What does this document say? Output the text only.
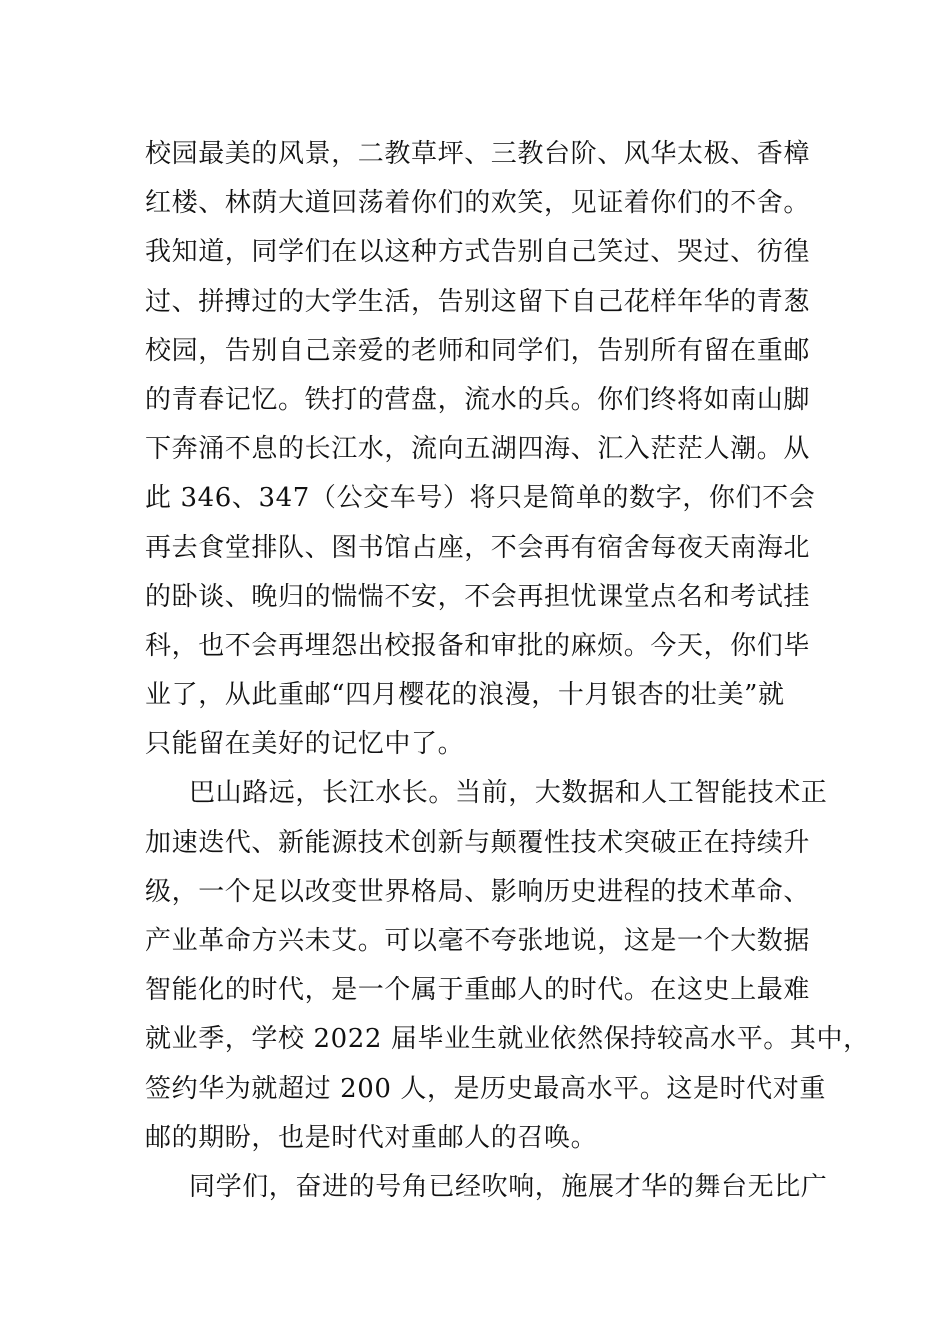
校园最美的风景，二教草坪、三教台阶、风华太极、香樟
红楼、林荫大道回荡着你们的欢笑，见证着你们的不舍。
我知道，同学们在以这种方式告别自己笑过、哭过、彷徨
过、拼搏过的大学生活，告别这留下自己花样年华的青葱
校园，告别自己亲爱的老师和同学们，告别所有留在重邮
的青春记忆。铁打的营盘，流水的兵。你们终将如南山脚
下奔涌不息的长江水，流向五湖四海、汇入茫茫人潮。从
此 346、347（公交车号）将只是简单的数字，你们不会
再去食堂排队、图书馆占座，不会再有宿舍每夜天南海北
的卧谈、晚归的惴惴不安，不会再担忧课堂点名和考试挂
科，也不会再埋怨出校报备和审批的麻烦。今天，你们毕
业了，从此重邮“四月樱花的浪漫，十月银杏的壮美”就
只能留在美好的记忆中了。
巴山路远，长江水长。当前，大数据和人工智能技术正
加速迭代、新能源技术创新与颠覆性技术突破正在持续升
级，一个足以改变世界格局、影响历史进程的技术革命、
产业革命方兴未艾。可以毫不夸张地说，这是一个大数据
智能化的时代，是一个属于重邮人的时代。在这史上最难
就业季，学校 2022 届毕业生就业依然保持较高水平。其中，
签约华为就超过 200 人，是历史最高水平。这是时代对重
邮的期盼，也是时代对重邮人的召唤。
同学们，奋进的号角已经吹响，施展才华的舞台无比广
